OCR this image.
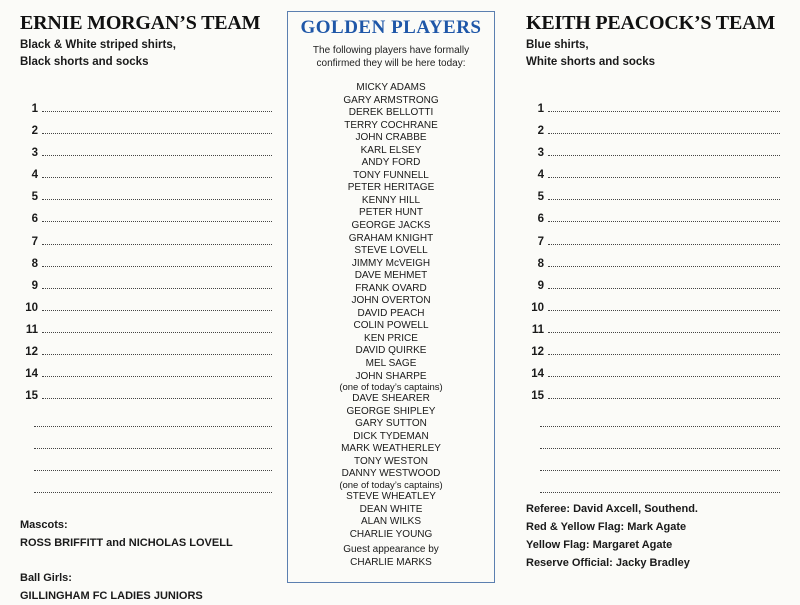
ERNIE MORGAN’S TEAM
Black & White striped shirts,
Black shorts and socks
1
2
3
4
5
6
7
8
9
10
11
12
14
15
KEITH PEACOCK’S TEAM
Blue shirts,
White shorts and socks
1
2
3
4
5
6
7
8
9
10
11
12
14
15
GOLDEN PLAYERS
The following players have formally
confirmed they will be here today:
MICKY ADAMS
GARY ARMSTRONG
DEREK BELLOTTI
TERRY COCHRANE
JOHN CRABBE
KARL ELSEY
ANDY FORD
TONY FUNNELL
PETER HERITAGE
KENNY HILL
PETER HUNT
GEORGE JACKS
GRAHAM KNIGHT
STEVE LOVELL
JIMMY McVEIGH
DAVE MEHMET
FRANK OVARD
JOHN OVERTON
DAVID PEACH
COLIN POWELL
KEN PRICE
DAVID QUIRKE
MEL SAGE
JOHN SHARPE
(one of today’s captains)
DAVE SHEARER
GEORGE SHIPLEY
GARY SUTTON
DICK TYDEMAN
MARK WEATHERLEY
TONY WESTON
DANNY WESTWOOD
(one of today’s captains)
STEVE WHEATLEY
DEAN WHITE
ALAN WILKS
CHARLIE YOUNG
Guest appearance by
CHARLIE MARKS
Mascots:
ROSS BRIFFITT and NICHOLAS LOVELL
Ball Girls:
GILLINGHAM FC LADIES JUNIORS
Referee: David Axcell, Southend.
Red & Yellow Flag: Mark Agate
Yellow Flag: Margaret Agate
Reserve Official: Jacky Bradley
